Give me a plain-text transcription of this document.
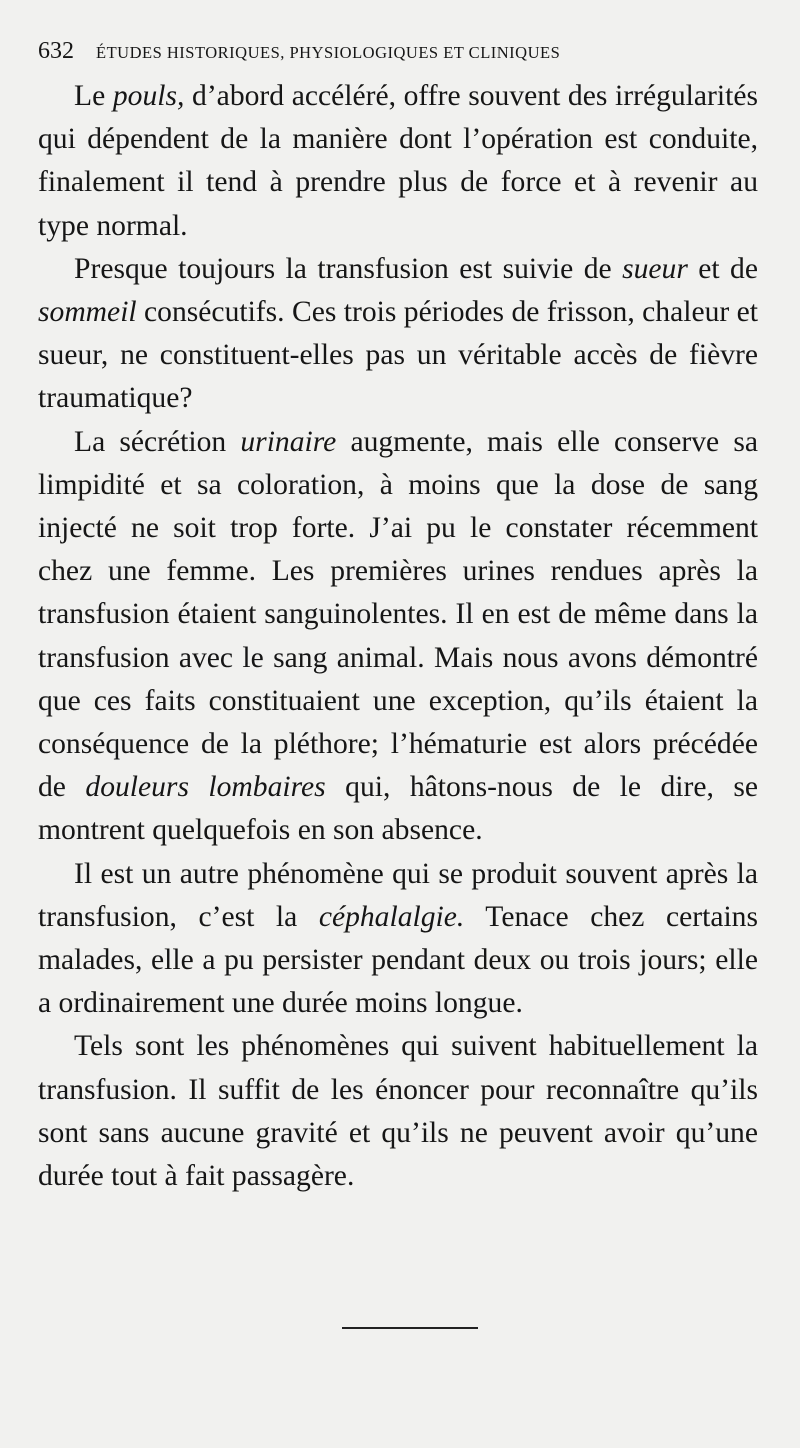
632 ÉTUDES HISTORIQUES, PHYSIOLOGIQUES ET CLINIQUES

Le pouls, d’abord accéléré, offre souvent des irrégularités qui dépendent de la manière dont l’opération est conduite, finalement il tend à prendre plus de force et à revenir au type normal.

Presque toujours la transfusion est suivie de sueur et de sommeil consécutifs. Ces trois périodes de frisson, chaleur et sueur, ne constituent-elles pas un véritable accès de fièvre traumatique?

La sécrétion urinaire augmente, mais elle conserve sa limpidité et sa coloration, à moins que la dose de sang injecté ne soit trop forte. J’ai pu le constater récemment chez une femme. Les premières urines rendues après la transfusion étaient sanguinolentes. Il en est de même dans la transfusion avec le sang animal. Mais nous avons démontré que ces faits constituaient une exception, qu’ils étaient la conséquence de la pléthore; l’hématurie est alors précédée de douleurs lombaires qui, hâtons-nous de le dire, se montrent quelquefois en son absence.

Il est un autre phénomène qui se produit souvent après la transfusion, c’est la céphalalgie. Tenace chez certains malades, elle a pu persister pendant deux ou trois jours; elle a ordinairement une durée moins longue.

Tels sont les phénomènes qui suivent habituellement la transfusion. Il suffit de les énoncer pour reconnaître qu’ils sont sans aucune gravité et qu’ils ne peuvent avoir qu’une durée tout à fait passagère.
